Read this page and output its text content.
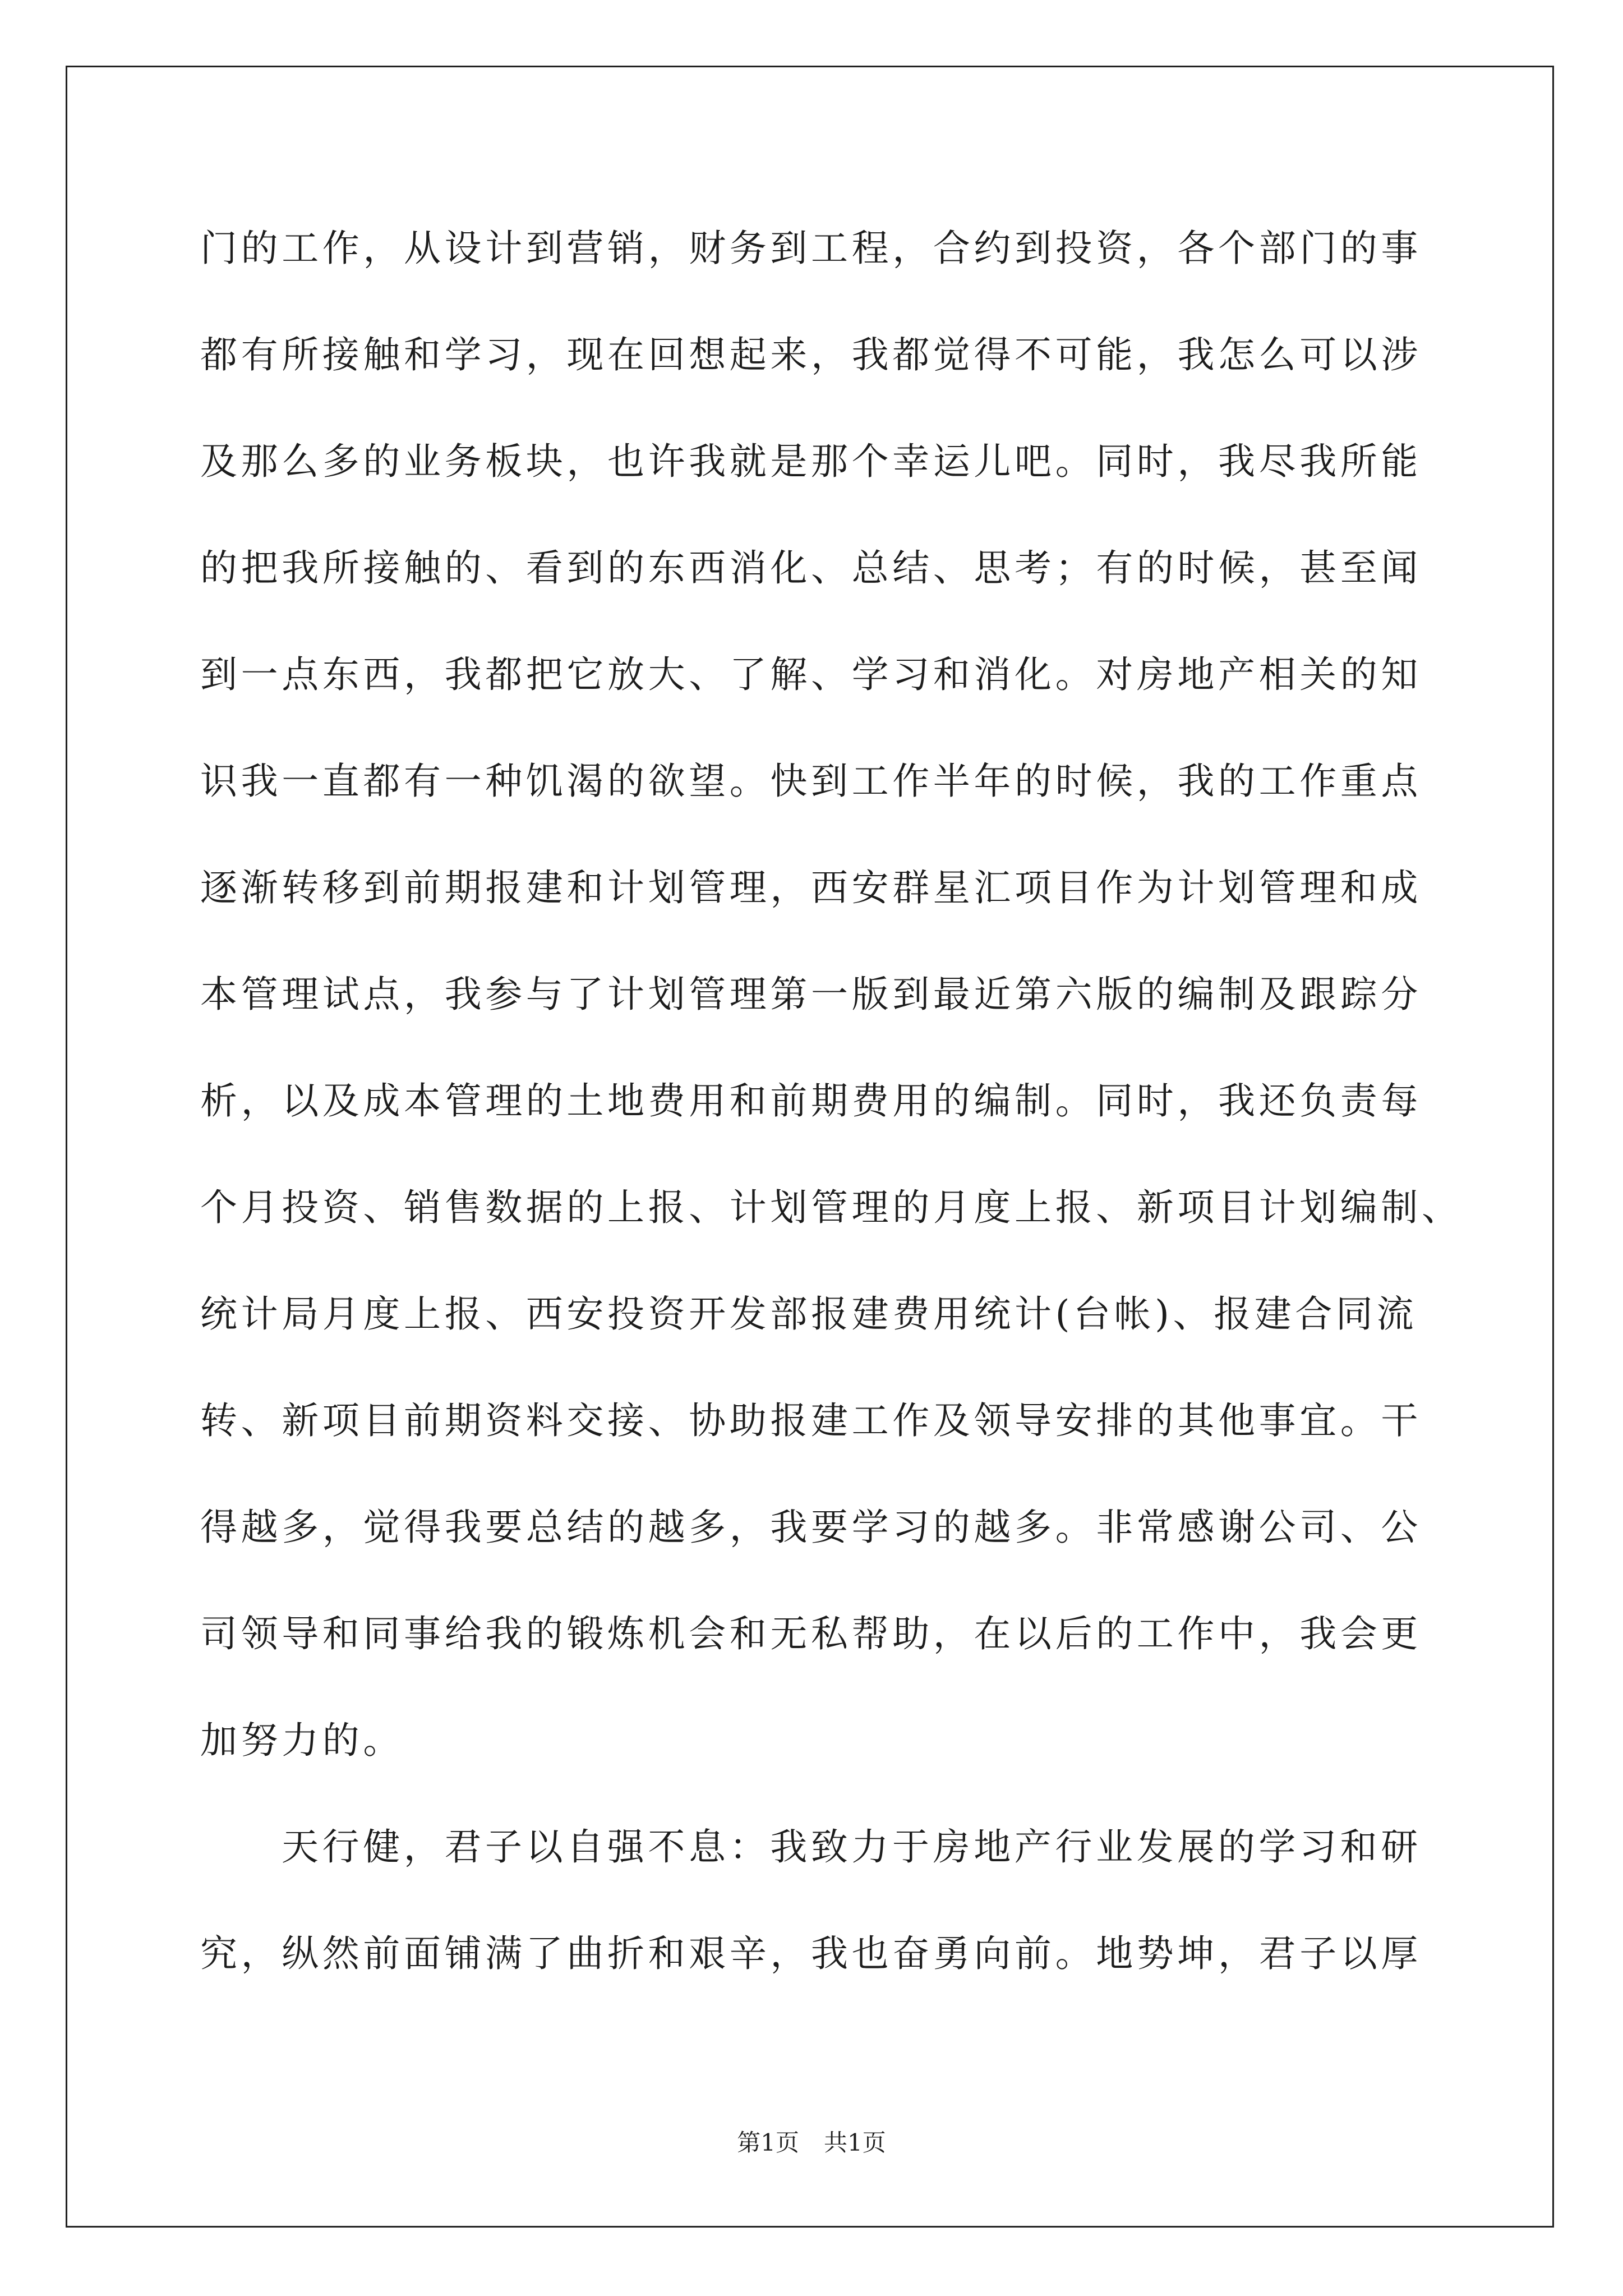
门的工作，从设计到营销，财务到工程，合约到投资，各个部门的事
都有所接触和学习，现在回想起来，我都觉得不可能，我怎么可以涉
及那么多的业务板块，也许我就是那个幸运儿吧。同时，我尽我所能
的把我所接触的、看到的东西消化、总结、思考；有的时候，甚至闻
到一点东西，我都把它放大、了解、学习和消化。对房地产相关的知
识我一直都有一种饥渴的欲望。快到工作半年的时候，我的工作重点
逐渐转移到前期报建和计划管理，西安群星汇项目作为计划管理和成
本管理试点，我参与了计划管理第一版到最近第六版的编制及跟踪分
析，以及成本管理的土地费用和前期费用的编制。同时，我还负责每
个月投资、销售数据的上报、计划管理的月度上报、新项目计划编制、
统计局月度上报、西安投资开发部报建费用统计(台帐)、报建合同流
转、新项目前期资料交接、协助报建工作及领导安排的其他事宜。干
得越多，觉得我要总结的越多，我要学习的越多。非常感谢公司、公
司领导和同事给我的锻炼机会和无私帮助，在以后的工作中，我会更
加努力的。
天行健，君子以自强不息：我致力于房地产行业发展的学习和研
究，纵然前面铺满了曲折和艰辛，我也奋勇向前。地势坤，君子以厚
第1页 共1页
